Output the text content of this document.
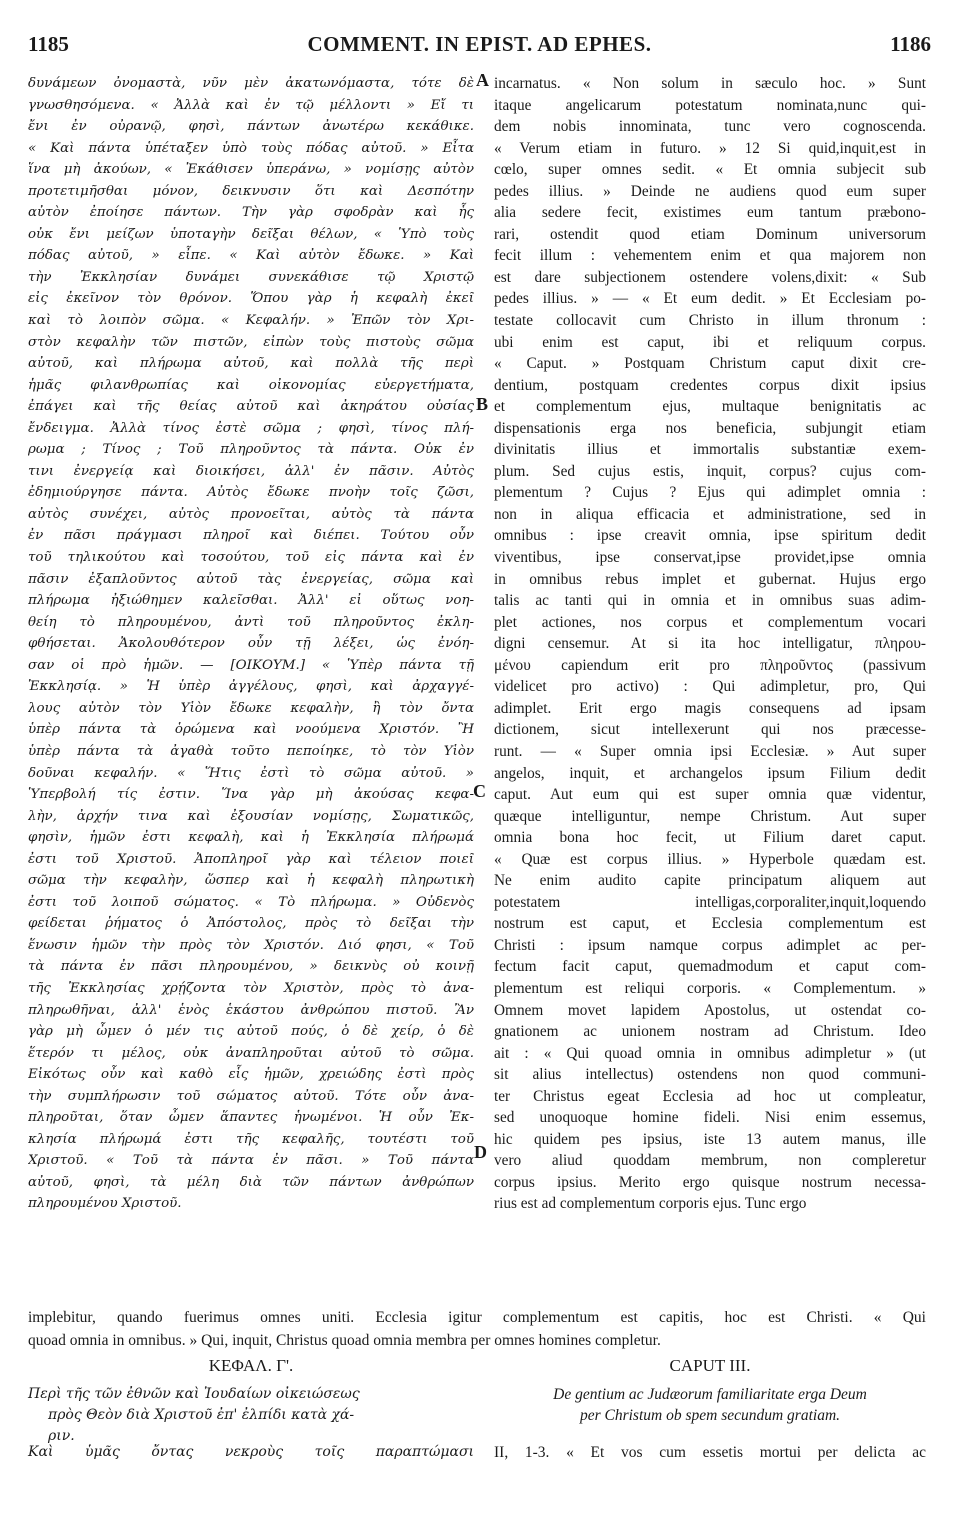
1185	COMMENT. IN EPIST. AD EPHES.	1186
δυνάμεων ὀνομαστὰ, νῦν μὲν ἀκατωνόμαστα, τότε δὲ
γνωσθησόμενα. « Ἀλλὰ καὶ ἐν τῷ μέλλοντι » Εἴ τι
ἔνι ἐν οὐρανῷ, φησὶ, πάντων ἀνωτέρω κεκάθικε.
« Καὶ πάντα ὑπέταξεν ὑπὸ τοὺς πόδας αὐτοῦ. » Εἶτα
ἵνα μὴ ἀκούων, « Ἐκάθισεν ὑπεράνω, » νομίσῃς αὐτὸν
προτετιμῆσθαι μόνον, δεικνυσιν ὅτι καὶ Δεσπότην
αὐτὸν ἐποίησε πάντων. Τὴν γὰρ σφοδρὰν καὶ ἧς
οὐκ ἔνι μείζων ὑποταγὴν δεῖξαι θέλων, « Ὑπὸ τοὺς
πόδας αὐτοῦ, » εἶπε. « Καὶ αὐτὸν ἔδωκε. » Καὶ
τὴν Ἐκκλησίαν δυνάμει συνεκάθισε τῷ Χριστῷ
εἰς ἐκεῖνον τὸν θρόνον. Ὅπου γὰρ ἡ κεφαλὴ ἐκεῖ
καὶ τὸ λοιπὸν σῶμα. « Κεφαλήν. » Ἐπῶν τὸν Χρι-
στὸν κεφαλὴν τῶν πιστῶν, εἰπὼν τοὺς πιστοὺς σῶμα
αὐτοῦ, καὶ πλήρωμα αὐτοῦ, καὶ πολλὰ τῆς περὶ
ἡμᾶς φιλανθρωπίας καὶ οἰκονομίας εὐεργετήματα,
ἐπάγει καὶ τῆς θείας αὐτοῦ καὶ ἀκηράτου οὐσίας
ἔνδειγμα. Ἀλλὰ τίνος ἐστὲ σῶμα ; φησὶ, τίνος πλή-
ρωμα ; Τίνος ; Τοῦ πληροῦντος τὰ πάντα. Οὐκ ἐν
τινι ἐνεργείᾳ καὶ διοικήσει, ἀλλ' ἐν πᾶσιν. Αὐτὸς
ἐδημιούργησε πάντα. Αὐτὸς ἔδωκε πνοὴν τοῖς ζῶσι,
αὐτὸς συνέχει, αὐτὸς προνοεῖται, αὐτὸς τὰ πάντα
ἐν πᾶσι πράγμασι πληροῖ καὶ διέπει. Τούτου οὖν
τοῦ τηλικούτου καὶ τοσούτου, τοῦ εἰς πάντα καὶ ἐν
πᾶσιν ἐξαπλοῦντος αὐτοῦ τὰς ἐνεργείας, σῶμα καὶ
πλήρωμα ἠξιώθημεν καλεῖσθαι. Ἀλλ' εἰ οὕτως νοη-
θείη τὸ πληρουμένου, ἀντὶ τοῦ πληροῦντος ἐκλη-
φθήσεται. Ἀκολουθότερον οὖν τῇ λέξει, ὡς ἐνόη-
σαν οἱ πρὸ ἡμῶν. — [ΟΙΚΟΥΜ.] « Ὑπὲρ πάντα τῇ
Ἐκκλησίᾳ. » Ἡ ὑπὲρ ἀγγέλους, φησὶ, καὶ ἀρχαγγέ-
λους αὐτὸν τὸν Υἱὸν ἔδωκε κεφαλὴν, ἢ τὸν ὄντα
ὑπὲρ πάντα τὰ ὁρώμενα καὶ νοούμενα Χριστόν. Ἢ
ὑπὲρ πάντα τὰ ἀγαθὰ τοῦτο πεποίηκε, τὸ τὸν Υἱὸν
δοῦναι κεφαλήν. « Ἥτις ἐστὶ τὸ σῶμα αὐτοῦ. »
Ὑπερβολή τίς ἐστιν. Ἵνα γὰρ μὴ ἀκούσας κεφα-
λὴν, ἀρχήν τινα καὶ ἐξουσίαν νομίσῃς, Σωματικῶς,
φησὶν, ἡμῶν ἐστι κεφαλὴ, καὶ ἡ Ἐκκλησία πλήρωμά
ἐστι τοῦ Χριστοῦ. Ἀποπληροῖ γὰρ καὶ τέλειον ποιεῖ
σῶμα τὴν κεφαλὴν, ὥσπερ καὶ ἡ κεφαλὴ πληρωτικὴ
ἐστι τοῦ λοιποῦ σώματος. « Τὸ πλήρωμα. » Οὐδενὸς
φείδεται ῥήματος ὁ Ἀπόστολος, πρὸς τὸ δεῖξαι τὴν
ἕνωσιν ἡμῶν τὴν πρὸς τὸν Χριστόν. Διό φησι, « Τοῦ
τὰ πάντα ἐν πᾶσι πληρουμένου, » δεικνὺς οὐ κοινῇ
τῆς Ἐκκλησίας χρῄζοντα τὸν Χριστὸν, πρὸς τὸ ἀνα-
πληρωθῆναι, ἀλλ' ἑνὸς ἑκάστου ἀνθρώπου πιστοῦ. Ἂν
γὰρ μὴ ὦμεν ὁ μέν τις αὐτοῦ πούς, ὁ δὲ χείρ, ὁ δὲ
ἕτερόν τι μέλος, οὐκ ἀναπληροῦται αὐτοῦ τὸ σῶμα.
Εἰκότως οὖν καὶ καθὸ εἷς ἡμῶν, χρειώδης ἐστὶ πρὸς
τὴν συμπλήρωσιν τοῦ σώματος αὐτοῦ. Τότε οὖν ἀνα-
πληροῦται, ὅταν ὦμεν ἅπαντες ἡνωμένοι. Ἡ οὖν Ἐκ-
κλησία πλήρωμά ἐστι τῆς κεφαλῆς, τουτέστι τοῦ
Χριστοῦ. « Τοῦ τὰ πάντα ἐν πᾶσι. » Τοῦ πάντα
αὐτοῦ, φησὶ, τὰ μέλη διὰ τῶν πάντων ἀνθρώπων
πληρουμένου Χριστοῦ.
incarnatus. « Non solum in sæculo hoc. » Sunt
itaque angelicarum potestatum nominata,nunc qui-
dem nobis innominata, tunc vero cognoscenda.
« Verum etiam in futuro. » 12 Si quid,inquit,est in
cœlo, super omnes sedit. « Et omnia subjecit sub
pedes illius. » Deinde ne audiens quod eum super
alia sedere fecit, existimes eum tantum præbono-
rari, ostendit quod etiam Dominum universorum
fecit illum : vehementem enim et qua majorem non
est dare subjectionem ostendere volens,dixit: « Sub
pedes illius. » — « Et eum dedit. » Et Ecclesiam po-
testate collocavit cum Christo in illum thronum :
ubi enim est caput, ibi et reliquum corpus.
« Caput. » Postquam Christum caput dixit cre-
dentium, postquam credentes corpus dixit ipsius
et complementum ejus, multaque benignitatis ac
dispensationis erga nos beneficia, subjungit etiam
divinitatis illius et immortalis substantiæ exem-
plum. Sed cujus estis, inquit, corpus? cujus com-
plementum ? Cujus ? Ejus qui adimplet omnia :
non in aliqua efficacia et administratione, sed in
omnibus : ipse creavit omnia, ipse spiritum dedit
viventibus, ipse conservat,ipse providet,ipse omnia
in omnibus rebus implet et gubernat. Hujus ergo
talis ac tanti qui in omnia et in omnibus suas adim-
plet actiones, nos corpus et complementum vocari
digni censemur. At si ita hoc intelligatur, πληρου-
μένου capiendum erit pro πληροῦντος (passivum
videlicet pro activo) : Qui adimpletur, pro, Qui
adimplet. Erit ergo magis consequens ad ipsam
dictionem, sicut intellexerunt qui nos præcesse-
runt. — « Super omnia ipsi Ecclesiæ. » Aut super
angelos, inquit, et archangelos ipsum Filium dedit
caput. Aut eum qui est super omnia quæ videntur,
quæque intelliguntur, nempe Christum. Aut super
omnia bona hoc fecit, ut Filium daret caput.
« Quæ est corpus illius. » Hyperbole quædam est.
Ne enim audito capite principatum aliquem aut
potestatem intelligas,corporaliter,inquit,loquendo
nostrum est caput, et Ecclesia complementum est
Christi : ipsum namque corpus adimplet ac per-
fectum facit caput, quemadmodum et caput com-
plementum est reliqui corporis. « Complementum. »
Omnem movet lapidem Apostolus, ut ostendat co-
gnationem ac unionem nostram ad Christum. Ideo
ait : « Qui quoad omnia in omnibus adimpletur » (ut
sit alius intellectus) ostendens non quod communi-
ter Christus egeat Ecclesia ad hoc ut compleatur,
sed unoquoque homine fideli. Nisi enim essemus,
hic quidem pes ipsius, iste 13 autem manus, ille
vero aliud quoddam membrum, non compleretur
corpus ipsius. Merito ergo quisque nostrum necessa-
rius est ad complementum corporis ejus. Tunc ergo
A
B
C
D
implebitur, quando fuerimus omnes uniti. Ecclesia igitur complementum est capitis, hoc est Christi. « Qui
quoad omnia in omnibus. » Qui, inquit, Christus quoad omnia membra per omnes homines completur.
ΚΕΦΑΛ. Γ'.	CAPUT III.
Περὶ τῆς τῶν ἐθνῶν καὶ Ἰουδαίων οἰκειώσεως
πρὸς Θεὸν διὰ Χριστοῦ ἐπ' ἐλπίδι κατὰ χά-
ριν.
De gentium ac Judæorum familiaritate erga Deum
per Christum ob spem secundum gratiam.
Καὶ ὑμᾶς ὄντας νεκροὺς τοῖς παραπτώμασι II, 1-3. « Et vos cum essetis mortui per delicta ac
